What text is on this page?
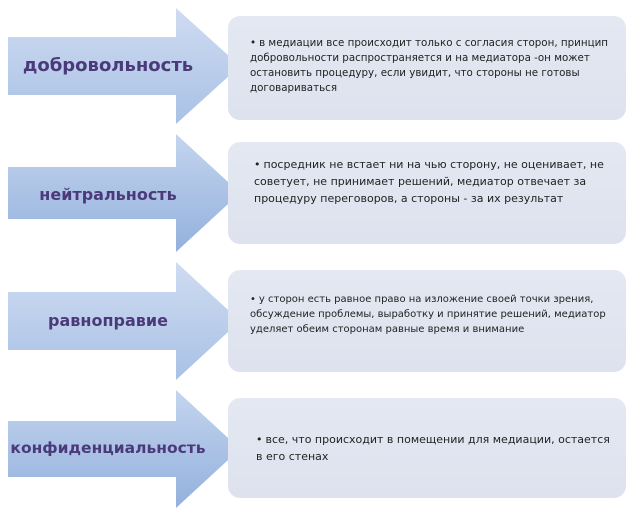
добровольность
• в медиации все происходит только с согласия сторон, принцип добровольности распространяется и на медиатора -он может остановить процедуру, если увидит, что стороны не готовы договариваться
нейтральность
• посредник не встает ни на чью сторону, не оценивает, не советует, не принимает решений, медиатор отвечает за процедуру переговоров, а стороны - за их результат
равноправие
• у сторон есть равное право на изложение своей точки зрения, обсуждение проблемы, выработку и принятие решений, медиатор уделяет обеим сторонам равные время и внимание
конфиденциальность	• все, что происходит в помещении для медиации, остается в его стенах
